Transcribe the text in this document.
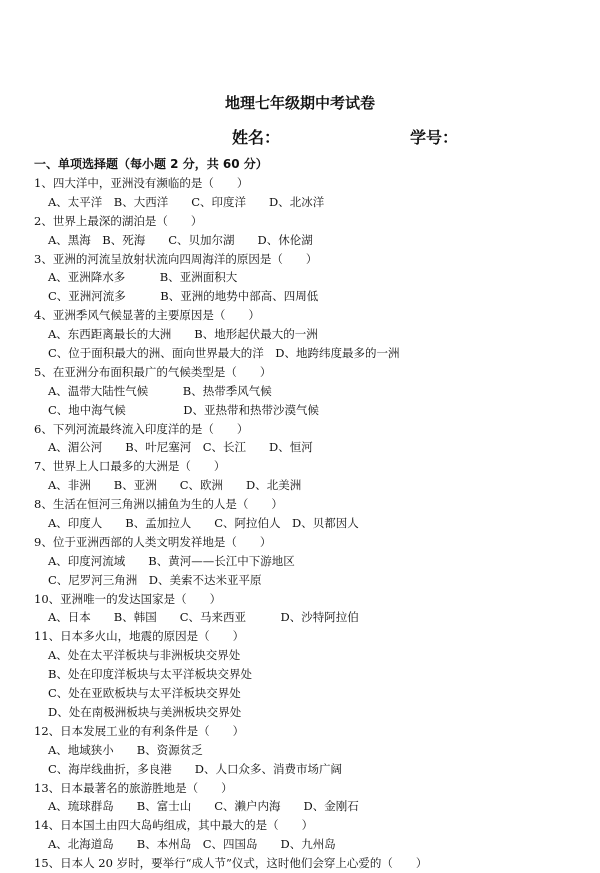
地理七年级期中考试卷
姓名：	学号：
一、单项选择题（每小题 2 分，共 60 分）
1、四大洋中，亚洲没有濒临的是（　　）
A、太平洋　B、大西洋　　C、印度洋　　D、北冰洋
2、世界上最深的湖泊是（　　）
A、黑海　B、死海　　C、贝加尔湖　　D、休伦湖
3、亚洲的河流呈放射状流向四周海洋的原因是（　　）
A、亚洲降水多　　　B、亚洲面积大
C、亚洲河流多　　　B、亚洲的地势中部高、四周低
4、亚洲季风气候显著的主要原因是（　　）
A、东西距离最长的大洲　　B、地形起伏最大的一洲
C、位于面积最大的洲、面向世界最大的洋　D、地跨纬度最多的一洲
5、在亚洲分布面积最广的气候类型是（　　）
A、温带大陆性气候　　　B、热带季风气候
C、地中海气候　　　　　D、亚热带和热带沙漠气候
6、下列河流最终流入印度洋的是（　　）
A、湄公河　　B、叶尼塞河　C、长江　　D、恒河
7、世界上人口最多的大洲是（　　）
A、非洲　　B、亚洲　　C、欧洲　　D、北美洲
8、生活在恒河三角洲以捕鱼为生的人是（　　）
A、印度人　　B、孟加拉人　　C、阿拉伯人　D、贝都因人
9、位于亚洲西部的人类文明发祥地是（　　）
A、印度河流域　　B、黄河——长江中下游地区
C、尼罗河三角洲　D、美索不达米亚平原
10、亚洲唯一的发达国家是（　　）
A、日本　　B、韩国　　C、马来西亚　　　D、沙特阿拉伯
11、日本多火山，地震的原因是（　　）
A、处在太平洋板块与非洲板块交界处
B、处在印度洋板块与太平洋板块交界处
C、处在亚欧板块与太平洋板块交界处
D、处在南极洲板块与美洲板块交界处
12、日本发展工业的有利条件是（　　）
A、地域狭小　　B、资源贫乏
C、海岸线曲折，多良港　　D、人口众多、消费市场广阔
13、日本最著名的旅游胜地是（　　）
A、琉球群岛　　B、富士山　　C、濑户内海　　D、金刚石
14、日本国土由四大岛屿组成，其中最大的是（　　）
A、北海道岛　　B、本州岛　C、四国岛　　D、九州岛
15、日本人 20 岁时，要举行“成人节”仪式，这时他们会穿上心爱的（　　）
